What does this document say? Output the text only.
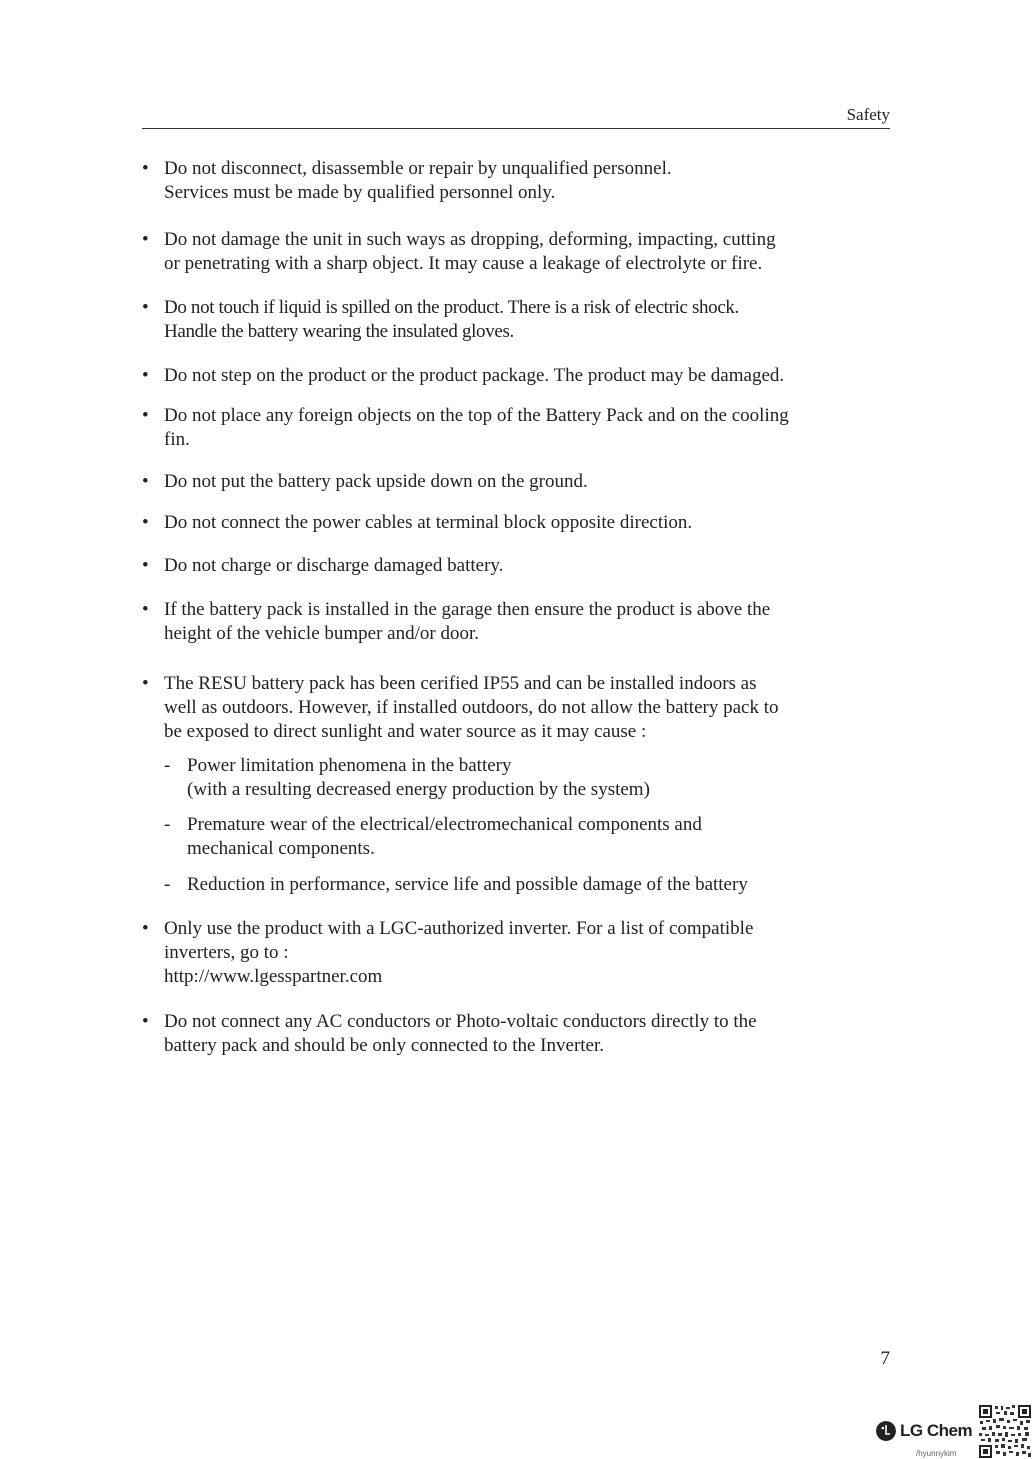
Safety
• Do not disconnect, disassemble or repair by unqualified personnel.
Services must be made by qualified personnel only.
• Do not damage the unit in such ways as dropping, deforming, impacting, cutting
or penetrating with a sharp object. It may cause a leakage of electrolyte or fire.
• Do not touch if liquid is spilled on the product. There is a risk of electric shock.
Handle the battery wearing the insulated gloves.
• Do not step on the product or the product package. The product may be damaged.
• Do not place any foreign objects on the top of the Battery Pack and on the cooling
fin.
• Do not put the battery pack upside down on the ground.
• Do not connect the power cables at terminal block opposite direction.
• Do not charge or discharge damaged battery.
• If the battery pack is installed in the garage then ensure the product is above the
height of the vehicle bumper and/or door.
• The RESU battery pack has been cerified IP55 and can be installed indoors as
well as outdoors. However, if installed outdoors, do not allow the battery pack to
be exposed to direct sunlight and water source as it may cause :
- Power limitation phenomena in the battery
(with a resulting decreased energy production by the system)
- Premature wear of the electrical/electromechanical components and
mechanical components.
- Reduction in performance, service life and possible damage of the battery
• Only use the product with a LGC-authorized inverter. For a list of compatible
inverters, go to :
http://www.lgesspartner.com
• Do not connect any AC conductors or Photo-voltaic conductors directly to the
battery pack and should be only connected to the Inverter.
7
LG Chem
/hyunnykim
